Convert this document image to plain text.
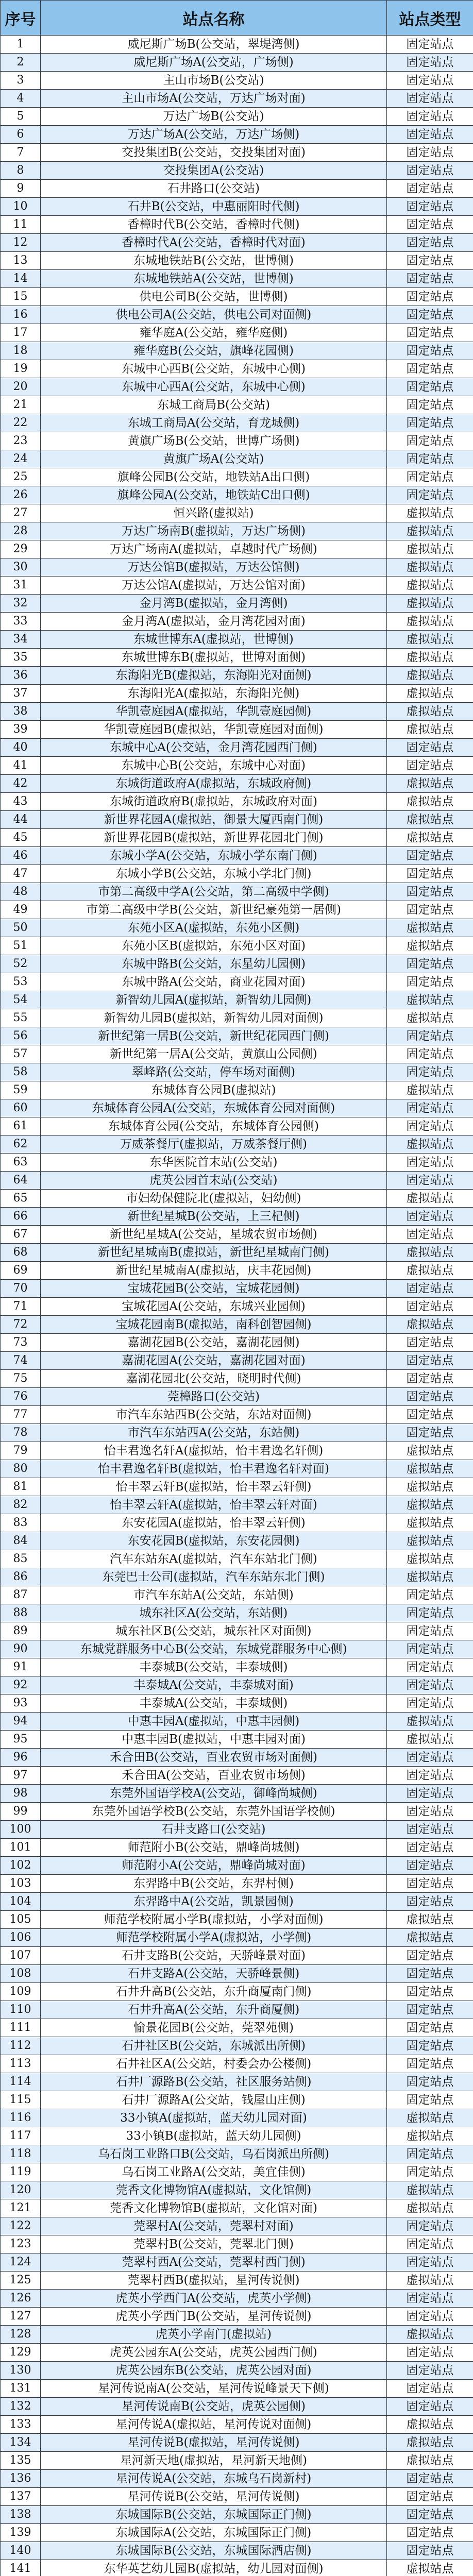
序号	站点名称	站点类型
1	威尼斯广场B(公交站，翠堤湾侧)	固定站点
2	威尼斯广场A(公交站，广场侧)	固定站点
3	主山市场B(公交站)	固定站点
4	主山市场A(公交站，万达广场对面)	固定站点
5	万达广场B(公交站)	固定站点
6	万达广场A(公交站，万达广场侧)	固定站点
7	交投集团B(公交站，交投集团对面)	固定站点
8	交投集团A(公交站)	固定站点
9	石井路口(公交站)	固定站点
10	石井B(公交站，中惠丽阳时代侧)	固定站点
11	香樟时代B(公交站，香樟时代侧)	固定站点
12	香樟时代A(公交站，香樟时代对面)	固定站点
13	东城地铁站B(公交站，世博侧)	固定站点
14	东城地铁站A(公交站，世博侧)	固定站点
15	供电公司B(公交站，世博侧)	固定站点
16	供电公司A(公交站，供电公司对面侧)	固定站点
17	雍华庭A(公交站，雍华庭侧)	固定站点
18	雍华庭B(公交站，旗峰花园侧)	固定站点
19	东城中心西B(公交站，东城中心侧)	固定站点
20	东城中心西A(公交站，东城中心侧)	固定站点
21	东城工商局B(公交站)	固定站点
22	东城工商局A(公交站，育龙城侧)	固定站点
23	黄旗广场B(公交站，世博广场侧)	固定站点
24	黄旗广场A(公交站)	固定站点
25	旗峰公园B(公交站，地铁站A出口侧)	固定站点
26	旗峰公园A(公交站，地铁站C出口侧)	固定站点
27	恒兴路(虚拟站)	虚拟站点
28	万达广场南B(虚拟站，万达广场侧)	虚拟站点
29	万达广场南A(虚拟站，卓越时代广场侧)	虚拟站点
30	万达公馆B(虚拟站，万达公馆侧)	虚拟站点
31	万达公馆A(虚拟站，万达公馆对面)	虚拟站点
32	金月湾B(虚拟站，金月湾侧)	虚拟站点
33	金月湾A(虚拟站，金月湾花园对面)	虚拟站点
34	东城世博东A(虚拟站，世博侧)	虚拟站点
35	东城世博东B(虚拟站，世博对面侧)	虚拟站点
36	东海阳光B(虚拟站，东海阳光对面侧)	虚拟站点
37	东海阳光A(虚拟站，东海阳光侧)	虚拟站点
38	华凯壹庭园A(虚拟站，华凯壹庭园侧)	虚拟站点
39	华凯壹庭园B(虚拟站，华凯壹庭园对面侧)	虚拟站点
40	东城中心A(公交站，金月湾花园西门侧)	固定站点
41	东城中心B(公交站，东城中心对面)	固定站点
42	东城街道政府A(虚拟站，东城政府侧)	虚拟站点
43	东城街道政府B(虚拟站，东城政府对面)	虚拟站点
44	新世界花园A(虚拟站，御景大厦西南门侧)	虚拟站点
45	新世界花园B(虚拟站，新世界花园北门侧)	虚拟站点
46	东城小学A(公交站，东城小学东南门侧)	固定站点
47	东城小学B(公交站，东城小学北门侧)	固定站点
48	市第二高级中学A(公交站，第二高级中学侧)	固定站点
49	市第二高级中学B(公交站，新世纪豪苑第一居侧)	固定站点
50	东苑小区A(虚拟站，东苑小区侧)	虚拟站点
51	东苑小区B(虚拟站，东苑小区对面)	虚拟站点
52	东城中路B(公交站，东星幼儿园侧)	固定站点
53	东城中路A(公交站，商业花园对面)	固定站点
54	新智幼儿园A(虚拟站，新智幼儿园侧)	虚拟站点
55	新智幼儿园B(虚拟站，新智幼儿园对面侧)	虚拟站点
56	新世纪第一居B(公交站，新世纪花园西门侧)	固定站点
57	新世纪第一居A(公交站，黄旗山公园侧)	固定站点
58	翠峰路(公交站，停车场对面侧)	固定站点
59	东城体育公园B(虚拟站)	虚拟站点
60	东城体育公园A(公交站，东城体育公园对面侧)	固定站点
61	东城体育公园(公交站，东城体育公园侧)	固定站点
62	万威茶餐厅(虚拟站，万威茶餐厅侧)	虚拟站点
63	东华医院首末站(公交站)	固定站点
64	虎英公园首末站(公交站)	固定站点
65	市妇幼保健院北(虚拟站，妇幼侧)	虚拟站点
66	新世纪星城B(公交站，上三杞侧)	固定站点
67	新世纪星城A(公交站，星城农贸市场侧)	固定站点
68	新世纪星城南B(虚拟站，新世纪星城南门侧)	虚拟站点
69	新世纪星城南A(虚拟站，庆丰花园侧)	虚拟站点
70	宝城花园B(公交站，宝城花园侧)	固定站点
71	宝城花园A(公交站，东城兴业园侧)	固定站点
72	宝城花园南B(虚拟站，南科创智园侧)	虚拟站点
73	嘉湖花园B(公交站，嘉湖花园侧)	固定站点
74	嘉湖花园A(公交站，嘉湖花园对面)	固定站点
75	嘉湖花园北(公交站，晓明时代侧)	固定站点
76	莞樟路口(公交站)	固定站点
77	市汽车东站西B(公交站，东站对面侧)	固定站点
78	市汽车东站西A(公交站，东站侧)	固定站点
79	怡丰君逸名轩A(虚拟站，怡丰君逸名轩侧)	虚拟站点
80	怡丰君逸名轩B(虚拟站，怡丰君逸名轩对面)	虚拟站点
81	怡丰翠云轩B(虚拟站，怡丰翠云轩侧)	虚拟站点
82	怡丰翠云轩A(虚拟站，怡丰翠云轩对面)	虚拟站点
83	东安花园A(虚拟站，怡丰翠云轩侧)	虚拟站点
84	东安花园B(虚拟站，东安花园侧)	虚拟站点
85	汽车东站东A(虚拟站，汽车东站北门侧)	虚拟站点
86	东莞巴士公司(虚拟站，汽车东站东北门侧)	虚拟站点
87	市汽车东站A(公交站，东站侧)	固定站点
88	城东社区A(公交站，东站侧)	固定站点
89	城东社区B(公交站，城东社区对面侧)	固定站点
90	东城党群服务中心B(公交站，东城党群服务中心侧)	固定站点
91	丰泰城B(公交站，丰泰城侧)	固定站点
92	丰泰城A(公交站，丰泰城对面)	固定站点
93	丰泰城A(公交站，丰泰城侧)	固定站点
94	中惠丰园A(虚拟站，中惠丰园侧)	虚拟站点
95	中惠丰园B(虚拟站，中惠丰园对面)	虚拟站点
96	禾合田B(公交站，百业农贸市场对面侧)	固定站点
97	禾合田A(公交站，百业农贸市场侧)	固定站点
98	东莞外国语学校A(公交站，御峰尚城侧)	固定站点
99	东莞外国语学校B(公交站，东莞外国语学校侧)	固定站点
100	石井支路口(公交站)	固定站点
101	师范附小B(公交站，鼎峰尚城侧)	固定站点
102	师范附小A(公交站，鼎峰尚城对面)	固定站点
103	东羿路中B(公交站，东羿村侧)	固定站点
104	东羿路中A(公交站，凯景园侧)	固定站点
105	师范学校附属小学B(虚拟站，小学对面侧)	虚拟站点
106	师范学校附属小学A(虚拟站，小学侧)	虚拟站点
107	石井支路B(公交站，天骄峰景对面)	固定站点
108	石井支路A(公交站，天骄峰景侧)	固定站点
109	石井升高B(公交站，东升商厦南门侧)	固定站点
110	石井升高A(公交站，东升商厦侧)	固定站点
111	愉景花园B(公交站，莞翠苑侧)	固定站点
112	石井社区B(公交站，东城派出所侧)	固定站点
113	石井社区A(公交站，村委会办公楼侧)	固定站点
114	石井厂源路B(公交站，社区服务站侧)	固定站点
115	石井厂源路A(公交站，钱屋山庄侧)	固定站点
116	33小镇A(虚拟站，蓝天幼儿园对面)	虚拟站点
117	33小镇B(虚拟站，蓝天幼儿园侧)	虚拟站点
118	乌石岗工业路口B(公交站，乌石岗派出所侧)	固定站点
119	乌石岗工业路A(公交站，美宜佳侧)	固定站点
120	莞香文化博物馆A(虚拟站，文化馆侧)	虚拟站点
121	莞香文化博物馆B(虚拟站，文化馆对面)	虚拟站点
122	莞翠村A(公交站，莞翠村对面)	固定站点
123	莞翠村B(公交站，莞翠北门侧)	固定站点
124	莞翠村西A(公交站，莞翠村西门侧)	固定站点
125	莞翠村西B(虚拟站，星河传说侧)	虚拟站点
126	虎英小学西门A(公交站，虎英小学侧)	固定站点
127	虎英小学西门B(公交站，星河传说侧)	固定站点
128	虎英小学南门(虚拟站)	虚拟站点
129	虎英公园东A(公交站，虎英公园西门侧)	固定站点
130	虎英公园东B(公交站，虎英公园对面)	固定站点
131	星河传说南A(公交站，星河传说峰景天下侧)	固定站点
132	星河传说南B(公交站，虎英公园侧)	固定站点
133	星河传说A(虚拟站，星河传说对面侧)	虚拟站点
134	星河传说B(虚拟站，星河传说侧)	虚拟站点
135	星河新天地(虚拟站，星河新天地侧)	虚拟站点
136	星河传说A(公交站，东城乌石岗新村)	固定站点
137	星河传说B(公交站，星河传说侧)	固定站点
138	东城国际B(公交站，东城国际正门侧)	固定站点
139	东城国际A(公交站，东城国际正门侧)	固定站点
140	东城国际B(公交站，东城国际酒店侧)	固定站点
141	东华英艺幼儿园B(虚拟站，幼儿园对面侧)	虚拟站点
